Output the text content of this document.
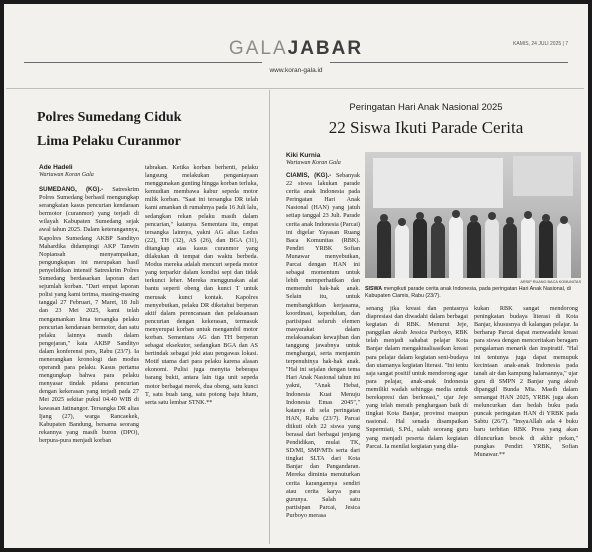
GALAJABAR	KAMIS, 24 JULI 2025 | 7
www.koran-gala.id
Polres Sumedang Ciduk
Lima Pelaku Curanmor
Ade Hadeli
Wartawan Koran Gala
SUMEDANG, (KG).- Satreskrim Polres Sumedang berhasil mengungkap serangkaian kasus pencurian kendaraan bermotor (curanmor) yang terjadi di wilayah Kabupaten Sumedang sejak awal tahun 2025. Dalam keterangannya, Kapolres Sumedang AKBP Sandityo Mahardika didampingi AKP Tanwin Nopiansah menyampaikan, pengungkapan ini merupakan hasil penyelidikan intensif Satreskrim Polres Sumedang berdasarkan laporan dari sejumlah korban. "Dari empat laporan polisi yang kami terima, masing-masing tanggal 27 Februari, 7 Maret, 18 Juli dan 23 Mei 2025, kami telah mengamankan lima tersangka pelaku pencurian kendaraan bermotor, dan satu pelaku lainnya masih dalam pengejaran," kata AKBP Sandityo dalam konferensi pers, Rabu (23/7). Ia menerangkan kronologi dan modus operandi para pelaku. Kasus pertama mengungkap bahwa para pelaku menyasar tindak pidana pencurian dengan kekerasan yang terjadi pada 27 Mei 2025 sekitar pukul 04.40 WIB di kawasan Jatinangor. Tersangka DR alias Ijang (27), warga Rancaekek, Kabupaten Bandung, bersama seorang rekannya yang masih buron (DPO), berpura-pura menjadi korban
tabrakan. Ketika korban berhenti, pelaku langsung melakukan penganiayaan menggunakan gunting hingga korban terluka, kemudian membawa kabur sepeda motor milik korban. "Saat ini tersangka DR telah kami amankan di rumahnya pada 16 Juli lalu, sedangkan rekan pelaku masih dalam pencarian," katanya. Sementara itu, empat tersangka lainnya, yakni AG alias Ledus (22), TH (32), AS (26), dan BGA (31), ditangkap atas kasus curanmor yang dilakukan di tempat dan waktu berbeda. Modus mereka adalah mencuri sepeda motor yang terparkir dalam kondisi sepi dan tidak terkunci leher. Mereka menggunakan alat bantu seperti obeng dan kunci T untuk merusak kunci kontak. Kapolres menyebutkan, pelaku DR diketahui berperan aktif dalam perencanaan dan pelaksanaan pencurian dengan kekerasan, termasuk menyerupai korban untuk mengambil motor korban. Sementara AG dan TH berperan sebagai eksekutor, sedangkan BGA dan AS bertindak sebagai joki atau pengawas lokasi. Motif utama dari para pelaku karena alasan ekonomi. Pulisi juga menyita beberapa barang bukti, antara lain tiga unit sepeda motor berbagai merek, dua obeng, satu kunci T, satu buah tang, satu potong baju hitam, serta satu lembar STNK.**
Peringatan Hari Anak Nasional 2025
22 Siswa Ikuti Parade Cerita
Kiki Kurnia
Wartawan Koran Gala
CIAMIS, (KG).- Sebanyak 22 siswa lakukan parade cerita anak Indonesia pada Peringatan Hari Anak Nasional (HAN) yang jatuh setiap tanggal 23 Juli. Parade cerita anak Indonesia (Parcai) ini digelar Yayasan Ruang Baca Komunitas (RBK). Pendiri YRBK Sofian Munawar menyebutkan, Parcai dengan HAN ini sebagai momentum untuk lebih memperhatikan dan memenuhi hak-hak anak. Selain itu, untuk membangkitkan kerjasama, koordinasi, kepedulian, dan partisipasi seluruh elemen masyarakat dalam melaksanakan kewajiban dan tanggung jawabnya untuk menghargai, serta menjamin terpenuhinya hak-hak anak. "Hal ini sejalan dengan tema Hari Anak Nasional tahun ini yakni, "Anak Hebat, Indonesia Kuat Menuju Indonesia Emas 2045"," katanya di sela peringatan HAN, Rabu (23/7). Parcai diikuti oleh 22 siswa yang berasal dari berbagai jenjang Pendidikan, mulai TK, SD/MI, SMP/MTs serta dari tingkat SLTA dari Kota Banjar dan Pangandaran. Mereka diminta menuturkan cerita karangannya sendiri atau cerita karya para gurunya. Salah satu partisipan Parcai, Jesica Purboyo merasa
ARSIP RUANG BACA KOMUNITAS
SISWA mengikuti parade cerita anak Indonesia, pada peringatan Hari Anak Nasional, di Kabupaten Ciamis, Rabu (23/7).
senang jika kreasi dan pentasnya diapresiasi dan diwadahi dalam berbagai kegiatan di RBK. Menurut Jeje, panggilan akrab Jessica Purboyo, RBK telah menjadi sahabat pelajar Kota Banjar dalam mengaktualisasikan kreasi para pelajar dalam kegiatan seni-budaya dan utamanya kegiatan literasi. "Ini tentu saja sangat positif untuk mendorong agar para pelajar, anak-anak Indonesia memiliki wadah sehingga media untuk berekspresi dan berkreasi," ujar Jeje yang telah meraih penghargaan baik di tingkat Kota Banjar, provinsi maupun nasional. Hal senada disampaikan Supermiati, S.Pd., salah seorang guru yang menjadi peserta dalam kegiatan Parcai. Ia menilai kegiatan yang dila-
kukan RBK sangat mendorong peningkatan budaya literasi di Kota Banjar, khususnya di kalangan pelajar. Ia berharap Parcai dapat menwadahi kreasi para siswa dengan menceritakan beragam pengalaman menarik dan inspiratif. "Hal ini tentunya juga dapat memupuk kecintaan anak-anak Indonesia pada tanah air dan kampung halamannya," ujar guru di SMPN 2 Banjar yang akrab dipanggil Bunda Mia. Masih dalam semangat HAN 2025, YRBK juga akan meluncurkan dan bedah buku pada puncak peringatan HAN di YRBK pada Sabtu (26/7). "InsyaAllah ada 4 buku baru terbitan RBK Press yang akan diluncurkan besok di akhir pekan," pungkas Pendiri YRBK, Sofian Munawar.**
